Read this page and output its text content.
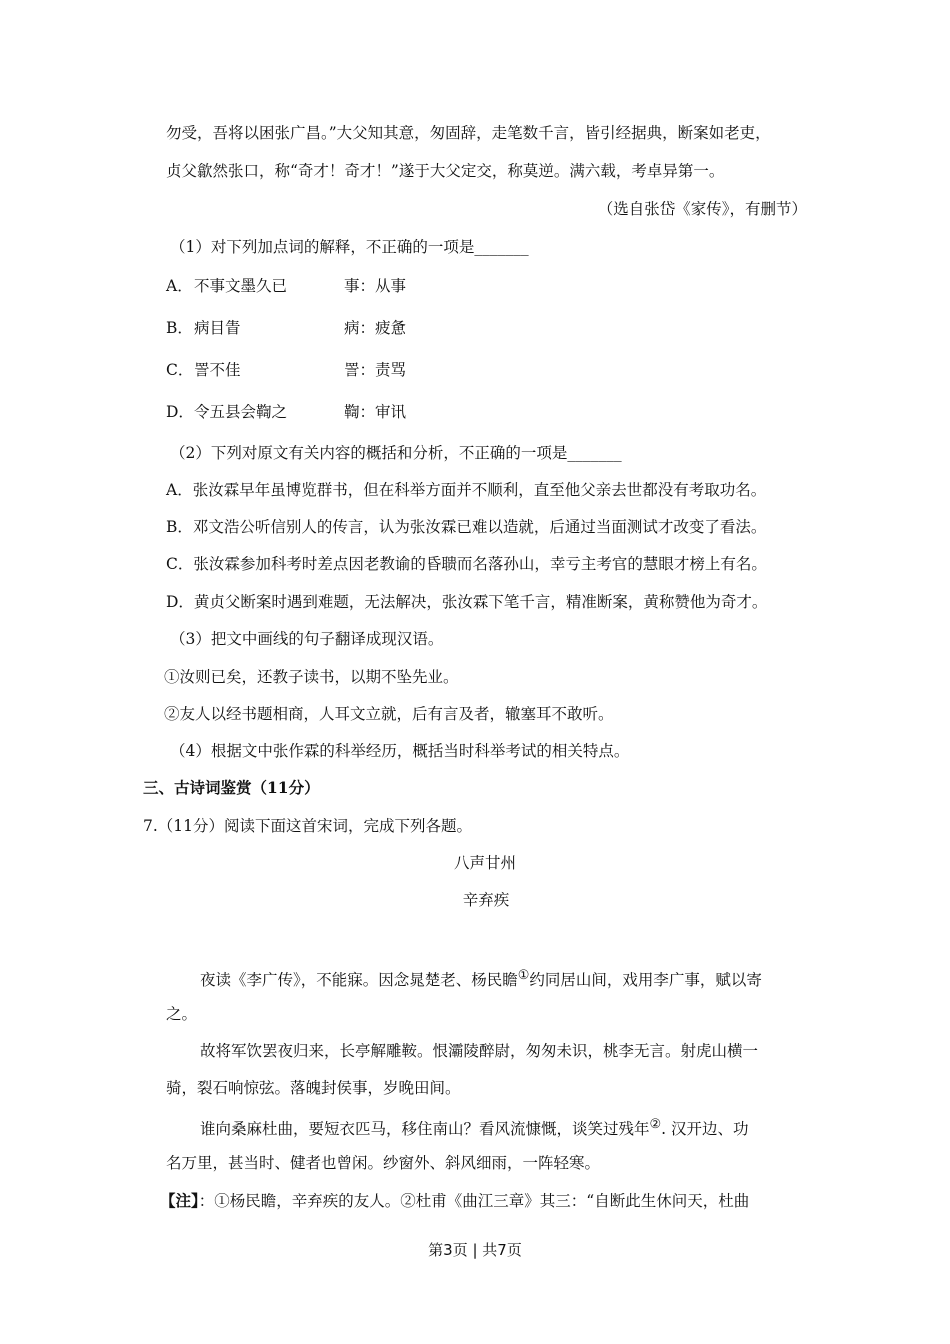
勿受，吾将以困张广昌。”大父知其意，匆固辞，走笔数千言，皆引经据典，断案如老吏，
贞父歙然张口，称“奇才！奇才！”遂于大父定交，称莫逆。满六载，考卓异第一。
（选自张岱《家传》，有删节）
（1）对下列加点词的解释，不正确的一项是_______
A．不事文墨久已	事：从事
B．病目眚	病：疲惫
C．詈不佳	詈：责骂
D．令五县会鞫之	鞫：审讯
（2）下列对原文有关内容的概括和分析，不正确的一项是_______
A．张汝霖早年虽博览群书，但在科举方面并不顺利，直至他父亲去世都没有考取功名。
B．邓文浩公听信别人的传言，认为张汝霖已难以造就，后通过当面测试才改变了看法。
C．张汝霖参加科考时差点因老教谕的昏聩而名落孙山，幸亏主考官的慧眼才榜上有名。
D．黄贞父断案时遇到难题，无法解决，张汝霖下笔千言，精准断案，黄称赞他为奇才。
（3）把文中画线的句子翻译成现汉语。
①汝则已矣，还教子读书，以期不坠先业。
②友人以经书题相商，人耳文立就，后有言及者，辙塞耳不敢听。
（4）根据文中张作霖的科举经历，概括当时科举考试的相关特点。
三、古诗词鉴赏（11分）
7.（11分）阅读下面这首宋词，完成下列各题。
八声甘州
辛弃疾
夜读《李广传》，不能寐。因念晁楚老、杨民瞻①约同居山间，戏用李广事，赋以寄
之。
故将军饮罢夜归来，长亭解雕鞍。恨灞陵醉尉，匆匆未识，桃李无言。射虎山横一
骑，裂石响惊弦。落魄封侯事，岁晚田间。
谁向桑麻杜曲，要短衣匹马，移住南山？看风流慷慨，谈笑过残年②. 汉开边、功
名万里，甚当时、健者也曾闲。纱窗外、斜风细雨，一阵轻寒。
【注】：①杨民瞻，辛弃疾的友人。②杜甫《曲江三章》其三：“自断此生休问天，杜曲
第3页 | 共7页
